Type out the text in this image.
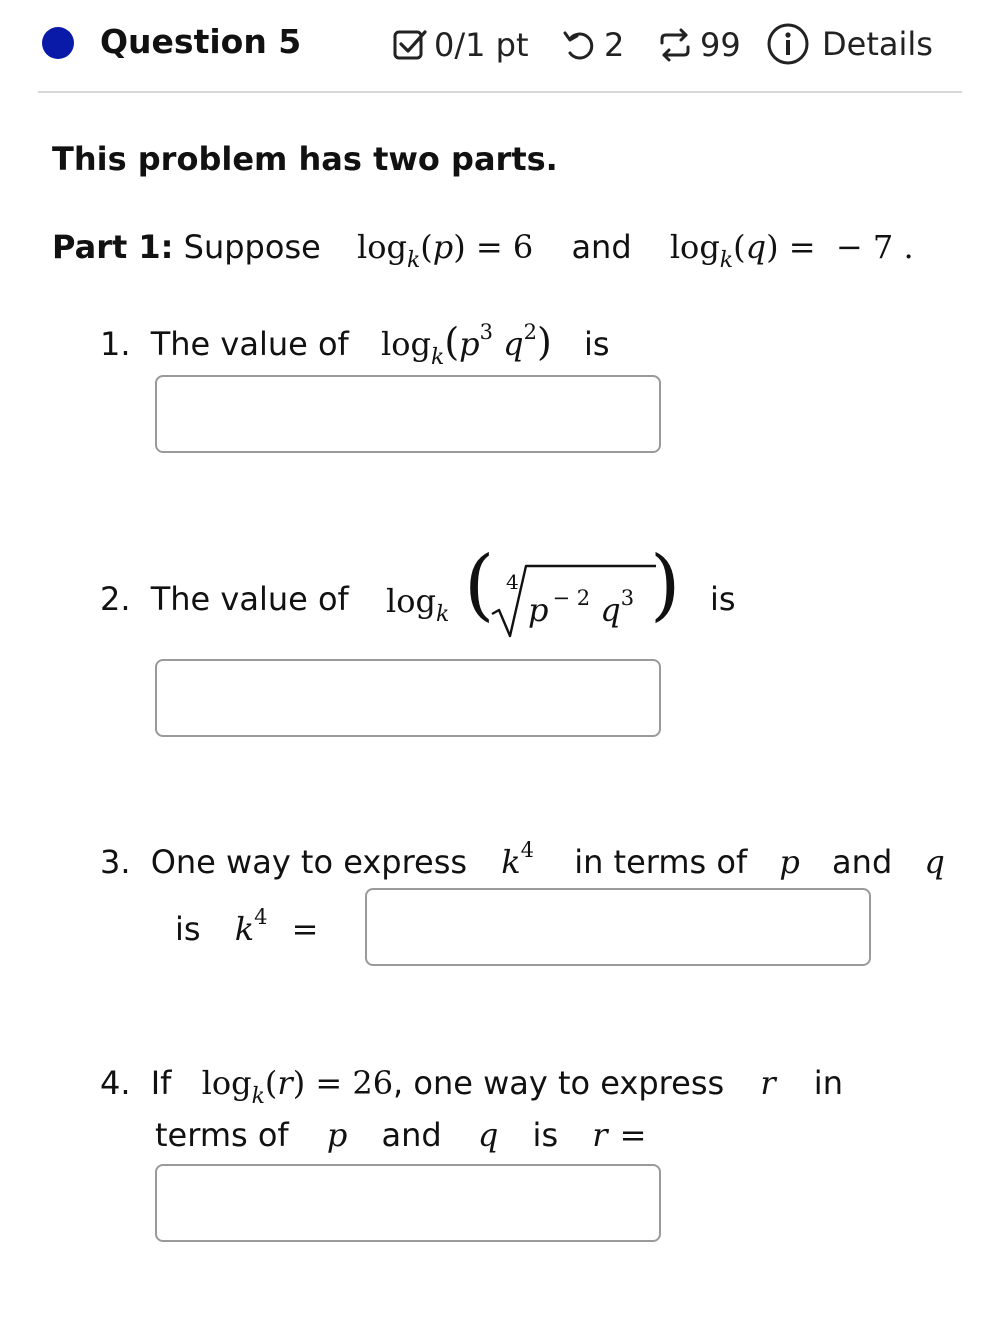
Question 5	0/1 pt 2 99	Details
This problem has two parts.
Part 1: Suppose $\log_k(p) = 6$ and $\log_k(q)$ =  − 7 .
1. The value of $\log_k(p^3$ $q^2$) is
2. The value of $\log_k$ ( 4
p $^{- 2}$ $q^3$ ) is
3. One way to express $k^4$ in terms of p and q
is $k^4$ =
4. If $\log_k(r) = 26$, one way to express r in
terms of p and q is r =
